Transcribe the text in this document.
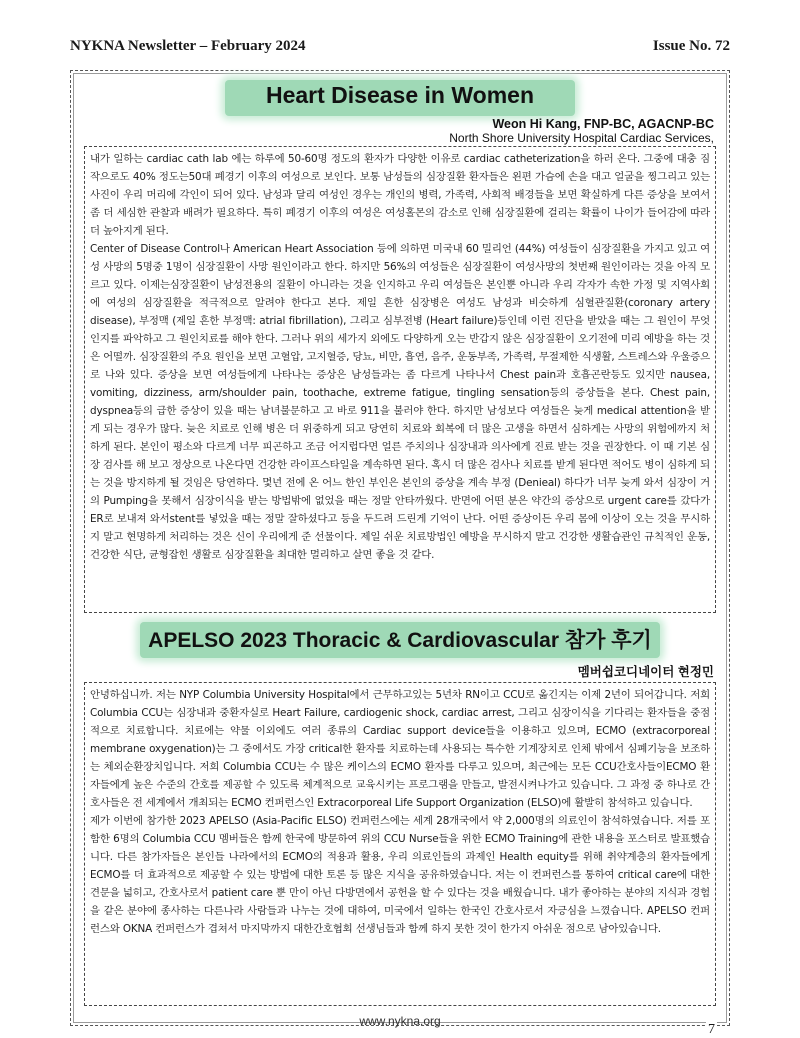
NYKNA Newsletter – February 2024	Issue No. 72
Heart Disease in Women
Weon Hi Kang, FNP-BC, AGACNP-BC
North Shore University Hospital Cardiac Services,

내가 일하는 cardiac cath lab 에는 하루에 50-60명 정도의 환자가 다양한 이유로 cardiac catheterization을 하러 온다. 그중에 대충 짐작으로도 40% 정도는50대 폐경기 이후의 여성으로 보인다. 보통 남성들의 심장질환 환자들은 왼편 가슴에 손을 대고 얼굴을 찡그리고 있는 사진이 우리 머리에 각인이 되어 있다. 남성과 달리 여성인 경우는 개인의 병력, 가족력, 사회적 배경들을 보면 확실하게 다른 증상을 보여서 좀 더 세심한 관찰과 배려가 필요하다. 특히 폐경기 이후의 여성은 여성홀몬의 감소로 인해 심장질환에 걸리는 확률이 나이가 들어감에 따라 더 높아지게 된다.

Center of Disease Control나 American Heart Association 등에 의하면 미국내 60 밀리언 (44%) 여성들이 심장질환을 가지고 있고 여성 사망의 5명중 1명이 심장질환이 사망 원인이라고 한다. 하지만 56%의 여성들은 심장질환이 여성사망의 첫번째 원인이라는 것을 아직 모르고 있다. 이제는심장질환이 남성전용의 질환이 아니라는 것을 인지하고 우리 여성들은 본인뿐 아니라 우리 각자가 속한 가정 및 지역사회에 여성의 심장질환을 적극적으로 알려야 한다고 본다. 제일 흔한 심장병은 여성도 남성과 비슷하게 심혈관질환(coronary artery disease), 부정맥 (제일 흔한 부정맥: atrial fibrillation), 그리고 심부전병 (Heart failure)등인데 이런 진단을 받았을 때는 그 원인이 무엇인지를 파악하고 그 원인치료를 해야 한다. 그러나 위의 세가지 외에도 다양하게 오는 반갑지 않은 심장질환이 오기전에 미리 예방을 하는 것은 어떨까. 심장질환의 주요 원인을 보면 고혈압, 고지혈증, 당뇨, 비만, 흡연, 음주, 운동부족, 가족력, 무절제한 식생활, 스트레스와 우울증으로 나와 있다. 증상을 보면 여성들에게 나타나는 증상은 남성들과는 좀 다르게 나타나서 Chest pain과 호흡곤란등도 있지만 nausea, vomiting, dizziness, arm/shoulder pain, toothache, extreme fatigue, tingling sensation등의 증상들을 본다. Chest pain, dyspnea등의 급한 증상이 있을 때는 남녀불문하고 고 바로 911을 불러야 한다. 하지만 남성보다 여성들은 늦게 medical attention을 받게 되는 경우가 많다. 늦은 치료로 인해 병은 더 위중하게 되고 당연히 치료와 회복에 더 많은 고생을 하면서 심하게는 사망의 위험에까지 처하게 된다. 본인이 평소와 다르게 너무 피곤하고 조금 어지럽다면 얼른 주치의나 심장내과 의사에게 진료 받는 것을 권장한다. 이 때 기본 심장 검사를 해 보고 정상으로 나온다면 건강한 라이프스타일을 계속하면 된다. 혹시 더 많은 검사나 치료를 받게 된다면 적어도 병이 심하게 되는 것을 방지하게 될 것임은 당연하다. 몇년 전에 온 어느 한인 부인은 본인의 증상을 계속 부정 (Denieal) 하다가 너무 늦게 와서 심장이 거의 Pumping을 못해서 심장이식을 받는 방법밖에 없었을 때는 정말 안타까웠다. 반면에 어떤 분은 약간의 증상으로 urgent care를 갔다가 ER로 보내져 와서stent를 넣었을 때는 정말 잘하셨다고 등을 두드려 드린게 기억이 난다. 어떤 증상이든 우리 몸에 이상이 오는 것을 무시하지 말고 현명하게 처리하는 것은 신이 우리에게 준 선물이다. 제일 쉬운 치료방법인 예방을 무시하지 말고 건강한 생활습관인 규칙적인 운동, 건강한 식단, 균형잡힌 생활로 심장질환을 최대한 멀리하고 살면 좋을 것 같다.

APELSO 2023 Thoracic & Cardiovascular 참가 후기
멤버쉽코디네이터 현정민

안녕하십니까. 저는 NYP Columbia University Hospital에서 근무하고있는 5년차 RN이고 CCU로 옮긴지는 이제 2년이 되어갑니다. 저희 Columbia CCU는 심장내과 중환자실로 Heart Failure, cardiogenic shock, cardiac arrest, 그리고 심장이식을 기다리는 환자들을 중점적으로 치료합니다. 치료에는 약물 이외에도 여러 종류의 Cardiac support device들을 이용하고 있으며, ECMO (extracorporeal membrane oxygenation)는 그 중에서도 가장 critical한 환자를 치료하는데 사용되는 특수한 기계장치로 인체 밖에서 심폐기능을 보조하는 체외순환장치입니다. 저희 Columbia CCU는 수 많은 케이스의 ECMO 환자를 다루고 있으며, 최근에는 모든 CCU간호사들이ECMO 환자들에게 높은 수준의 간호를 제공할 수 있도록 체계적으로 교육시키는 프로그램을 만들고, 발전시켜나가고 있습니다. 그 과정 중 하나로 간호사들은 전 세계에서 개최되는 ECMO 컨퍼런스인 Extracorporeal Life Support Organization (ELSO)에 활발히 참석하고 있습니다.

제가 이번에 참가한 2023 APELSO (Asia-Pacific ELSO) 컨퍼런스에는 세계 28개국에서 약 2,000명의 의료인이 참석하였습니다. 저를 포함한 6명의 Columbia CCU 멤버들은 함께 한국에 방문하여 위의 CCU Nurse들을 위한 ECMO Training에 관한 내용을 포스터로 발표했습니다. 다른 참가자들은 본인들 나라에서의 ECMO의 적용과 활용, 우리 의료인들의 과제인 Health equity를 위해 취약계층의 환자들에게 ECMO를 더 효과적으로 제공할 수 있는 방법에 대한 토론 등 많은 지식을 공유하였습니다. 저는 이 컨퍼런스를 통하여 critical care에 대한 견문을 넓히고, 간호사로서 patient care 뿐 만이 아닌 다방면에서 공헌을 할 수 있다는 것을 배웠습니다. 내가 좋아하는 분야의 지식과 경험을 같은 분야에 종사하는 다른나라 사람들과 나누는 것에 대하여, 미국에서 일하는 한국인 간호사로서 자긍심을 느꼈습니다. APELSO 컨퍼런스와 OKNA 컨퍼런스가 겹쳐서 마지막까지 대한간호협회 선생님들과 함께 하지 못한 것이 한가지 아쉬운 점으로 남아있습니다.

7
www.nykna.org
